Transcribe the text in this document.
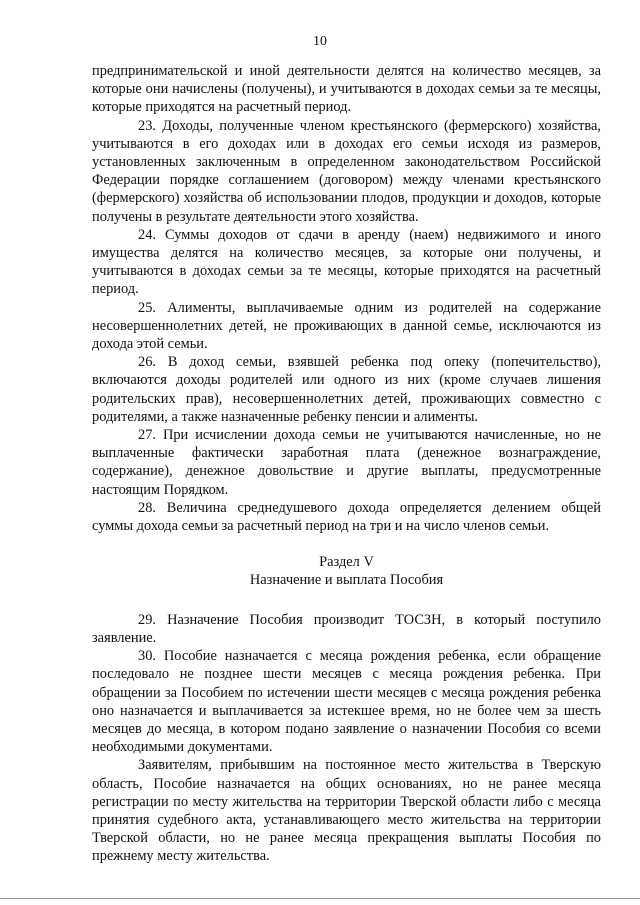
10

предпринимательской и иной деятельности делятся на количество месяцев, за которые они начислены (получены), и учитываются в доходах семьи за те месяцы, которые приходятся на расчетный период.

23. Доходы, полученные членом крестьянского (фермерского) хозяйства, учитываются в его доходах или в доходах его семьи исходя из размеров, установленных заключенным в определенном законодательством Российской Федерации порядке соглашением (договором) между членами крестьянского (фермерского) хозяйства об использовании плодов, продукции и доходов, которые получены в результате деятельности этого хозяйства.

24. Суммы доходов от сдачи в аренду (наем) недвижимого и иного имущества делятся на количество месяцев, за которые они получены, и учитываются в доходах семьи за те месяцы, которые приходятся на расчетный период.

25. Алименты, выплачиваемые одним из родителей на содержание несовершеннолетних детей, не проживающих в данной семье, исключаются из дохода этой семьи.

26. В доход семьи, взявшей ребенка под опеку (попечительство), включаются доходы родителей или одного из них (кроме случаев лишения родительских прав), несовершеннолетних детей, проживающих совместно с родителями, а также назначенные ребенку пенсии и алименты.

27. При исчислении дохода семьи не учитываются начисленные, но не выплаченные фактически заработная плата (денежное вознаграждение, содержание), денежное довольствие и другие выплаты, предусмотренные настоящим Порядком.

28. Величина среднедушевого дохода определяется делением общей суммы дохода семьи за расчетный период на три и на число членов семьи.

Раздел V

Назначение и выплата Пособия

29. Назначение Пособия производит ТОСЗН, в который поступило заявление.

30. Пособие назначается с месяца рождения ребенка, если обращение последовало не позднее шести месяцев с месяца рождения ребенка. При обращении за Пособием по истечении шести месяцев с месяца рождения ребенка оно назначается и выплачивается за истекшее время, но не более чем за шесть месяцев до месяца, в котором подано заявление о назначении Пособия со всеми необходимыми документами.

Заявителям, прибывшим на постоянное место жительства в Тверскую область, Пособие назначается на общих основаниях, но не ранее месяца регистрации по месту жительства на территории Тверской области либо с месяца принятия судебного акта, устанавливающего место жительства на территории Тверской области, но не ранее месяца прекращения выплаты Пособия по прежнему месту жительства.
